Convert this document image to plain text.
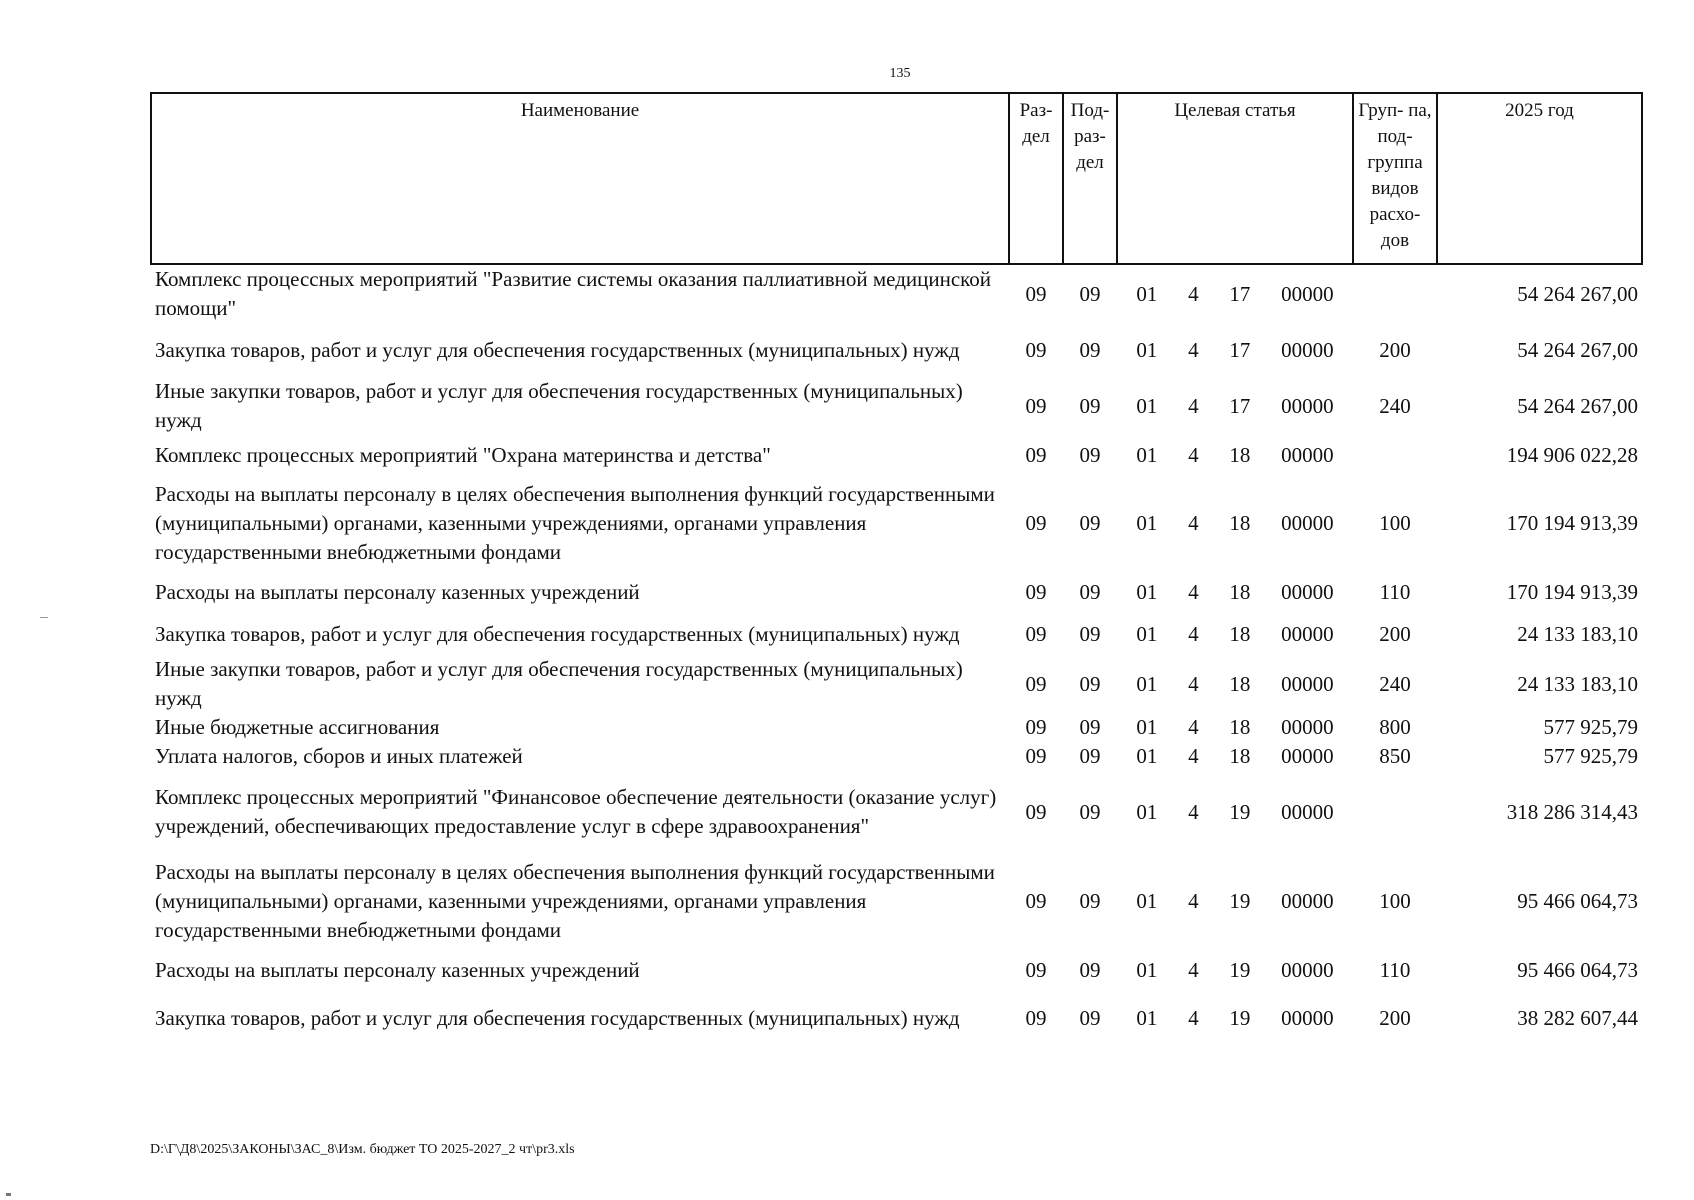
135
Наименование	Раз- дел	Под- раз- дел	Целевая статья	Груп- па, под- группа видов расхо- дов	2025 год
Комплекс процессных мероприятий "Развитие системы оказания паллиативной медицинской помощи"	09	09	01 4 17 00000		54 264 267,00
Закупка товаров, работ и услуг для обеспечения государственных (муниципальных) нужд	09	09	01 4 17 00000	200	54 264 267,00
Иные закупки товаров, работ и услуг для обеспечения государственных (муниципальных) нужд	09	09	01 4 17 00000	240	54 264 267,00
Комплекс процессных мероприятий "Охрана материнства и детства"	09	09	01 4 18 00000		194 906 022,28
Расходы на выплаты персоналу в целях обеспечения выполнения функций государственными (муниципальными) органами, казенными учреждениями, органами управления государственными внебюджетными фондами	09	09	01 4 18 00000	100	170 194 913,39
Расходы на выплаты персоналу казенных учреждений	09	09	01 4 18 00000	110	170 194 913,39
Закупка товаров, работ и услуг для обеспечения государственных (муниципальных) нужд	09	09	01 4 18 00000	200	24 133 183,10
Иные закупки товаров, работ и услуг для обеспечения государственных (муниципальных) нужд	09	09	01 4 18 00000	240	24 133 183,10
Иные бюджетные ассигнования	09	09	01 4 18 00000	800	577 925,79
Уплата налогов, сборов и иных платежей	09	09	01 4 18 00000	850	577 925,79
Комплекс процессных мероприятий "Финансовое обеспечение деятельности (оказание услуг) учреждений, обеспечивающих предоставление услуг в сфере здравоохранения"	09	09	01 4 19 00000		318 286 314,43
Расходы на выплаты персоналу в целях обеспечения выполнения функций государственными (муниципальными) органами, казенными учреждениями, органами управления государственными внебюджетными фондами	09	09	01 4 19 00000	100	95 466 064,73
Расходы на выплаты персоналу казенных учреждений	09	09	01 4 19 00000	110	95 466 064,73
Закупка товаров, работ и услуг для обеспечения государственных (муниципальных) нужд	09	09	01 4 19 00000	200	38 282 607,44
D:\Г\Д8\2025\ЗАКОНЫ\ЗАС_8\Изм. бюджет ТО 2025-2027_2 чт\pr3.xls
